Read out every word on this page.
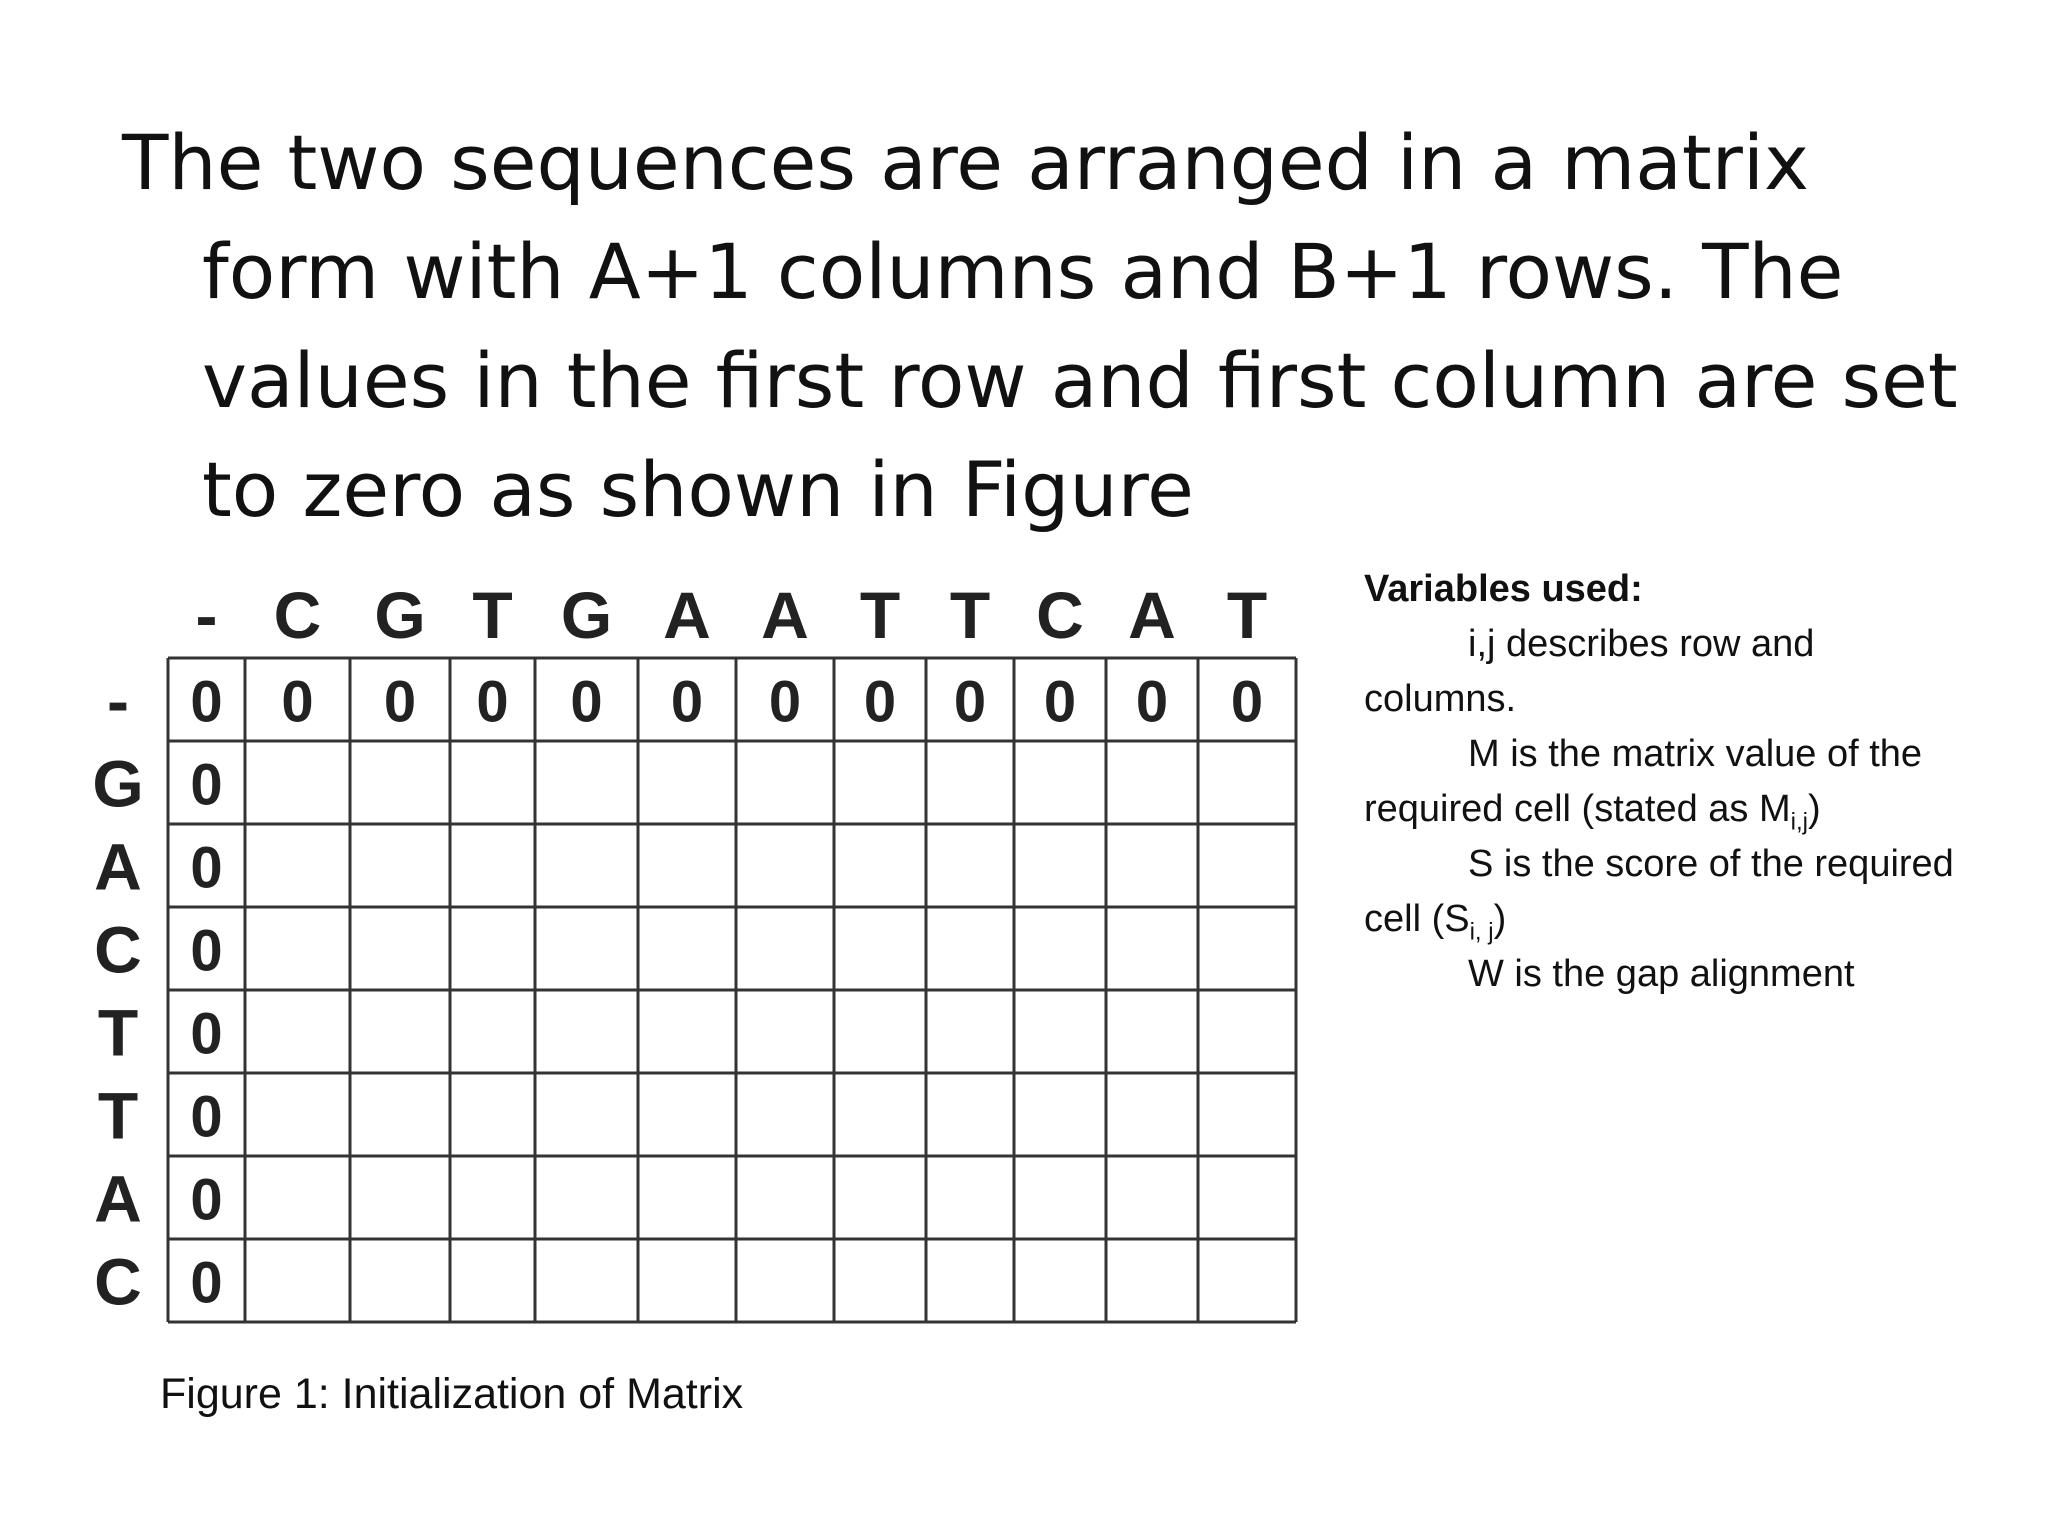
The two sequences are arranged in a matrix
form with A+1 columns and B+1 rows. The
values in the first row and first column are set
to zero as shown in Figure
- C G T G A A T T C A T
-
G
A
C
T
T
A
C
0 0 0 0 0 0 0 0 0 0 0 0
0
0
0
0
0
0
0
Variables used:

i,j describes row and
columns.

M is the matrix value of the
required cell (stated as $M_{i,j}$)

S is the score of the required
cell $(S_{i, j})$

W is the gap alignment

Figure 1: Initialization of Matrix
